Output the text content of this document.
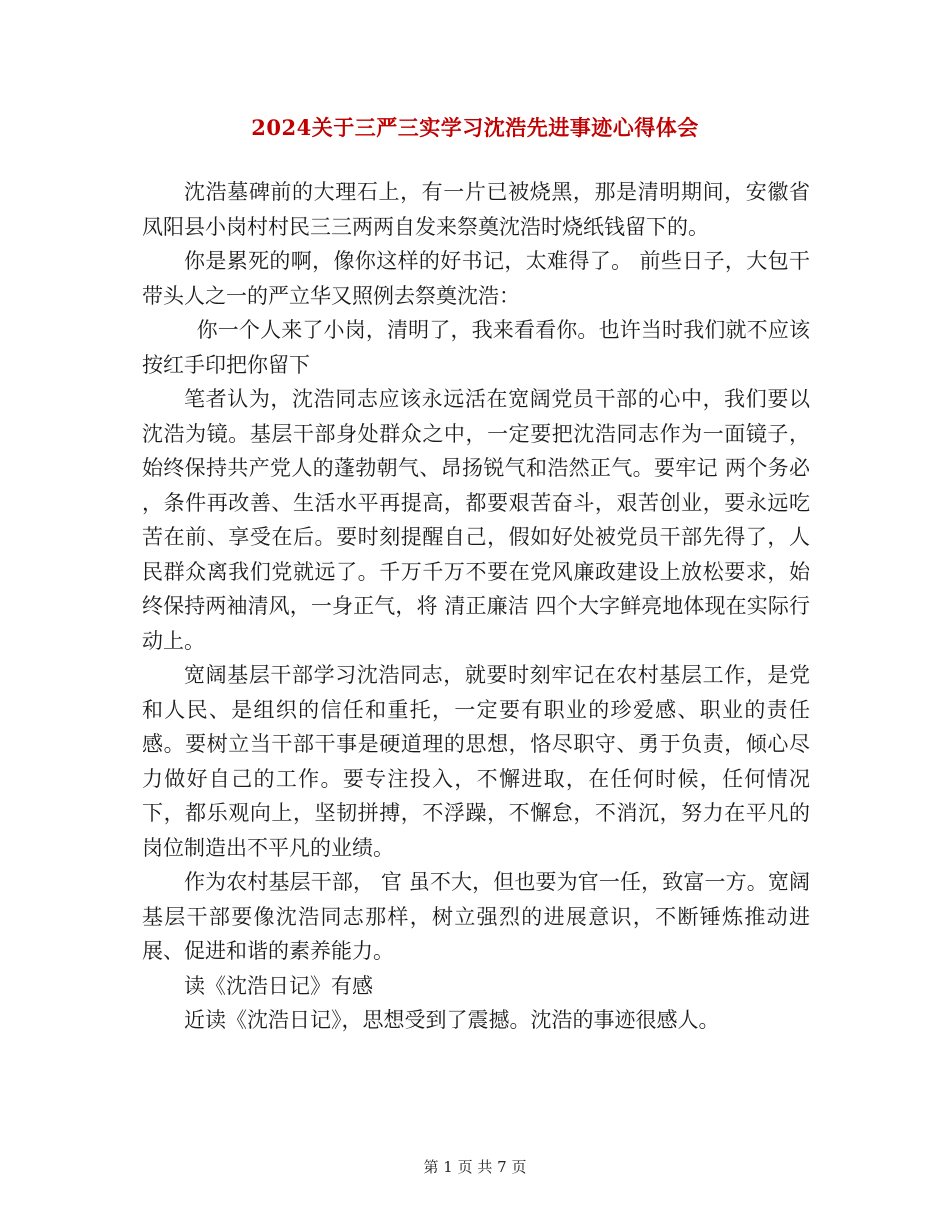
2024关于三严三实学习沈浩先进事迹心得体会

沈浩墓碑前的大理石上，有一片已被烧黑，那是清明期间，安徽省凤阳县小岗村村民三三两两自发来祭奠沈浩时烧纸钱留下的。

你是累死的啊，像你这样的好书记，太难得了。 前些日子，大包干带头人之一的严立华又照例去祭奠沈浩：

你一个人来了小岗，清明了，我来看看你。也许当时我们就不应该按红手印把你留下

笔者认为，沈浩同志应该永远活在宽阔党员干部的心中，我们要以沈浩为镜。基层干部身处群众之中，一定要把沈浩同志作为一面镜子，始终保持共产党人的蓬勃朝气、昂扬锐气和浩然正气。要牢记 两个务必 ，条件再改善、生活水平再提高，都要艰苦奋斗，艰苦创业，要永远吃苦在前、享受在后。要时刻提醒自己，假如好处被党员干部先得了，人民群众离我们党就远了。千万千万不要在党风廉政建设上放松要求，始终保持两袖清风，一身正气，将 清正廉洁 四个大字鲜亮地体现在实际行动上。

宽阔基层干部学习沈浩同志，就要时刻牢记在农村基层工作，是党和人民、是组织的信任和重托，一定要有职业的珍爱感、职业的责任感。要树立当干部干事是硬道理的思想，恪尽职守、勇于负责，倾心尽力做好自己的工作。要专注投入，不懈进取，在任何时候，任何情况下，都乐观向上，坚韧拼搏，不浮躁，不懈怠，不消沉，努力在平凡的岗位制造出不平凡的业绩。

作为农村基层干部， 官 虽不大，但也要为官一任，致富一方。宽阔基层干部要像沈浩同志那样，树立强烈的进展意识，不断锤炼推动进展、促进和谐的素养能力。

读《沈浩日记》有感

近读《沈浩日记》，思想受到了震撼。沈浩的事迹很感人。

第 1 页 共 7 页
